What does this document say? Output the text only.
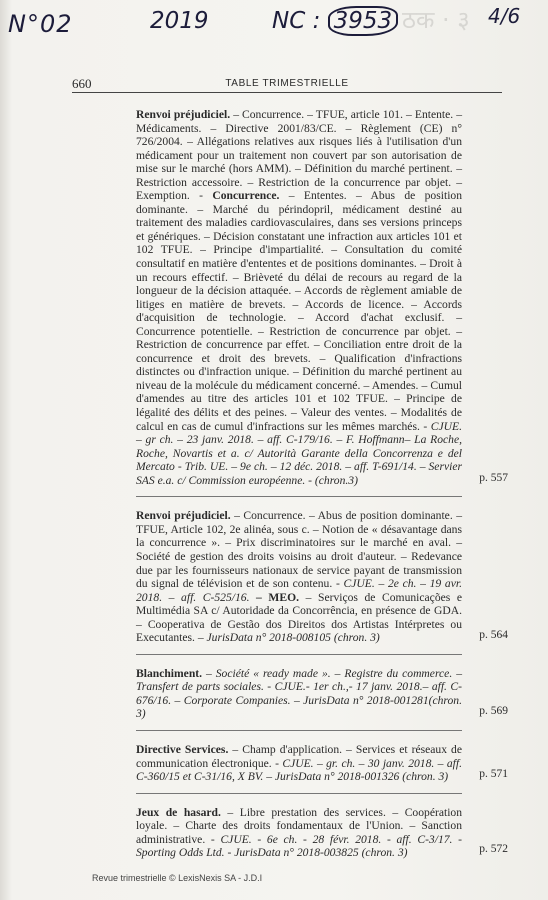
ठक · ३
N°02	2019	NC : 3953	4/6
660	TABLE TRIMESTRIELLE
Renvoi préjudiciel. – Concurrence. – TFUE, article 101. – Entente. – Médicaments. – Directive 2001/83/CE. – Règlement (CE) n° 726/2004. – Allégations relatives aux risques liés à l'utilisation d'un médicament pour un traitement non couvert par son autorisation de mise sur le marché (hors AMM). – Définition du marché pertinent. – Restriction accessoire. – Restriction de la concurrence par objet. – Exemption. - Concurrence. – Ententes. – Abus de position dominante. – Marché du périndopril, médicament destiné au traitement des maladies cardiovasculaires, dans ses versions princeps et génériques. – Décision constatant une infraction aux articles 101 et 102 TFUE. – Principe d'impartialité. – Consultation du comité consultatif en matière d'ententes et de positions dominantes. – Droit à un recours effectif. – Brièveté du délai de recours au regard de la longueur de la décision attaquée. – Accords de règlement amiable de litiges en matière de brevets. – Accords de licence. – Accords d'acquisition de technologie. – Accord d'achat exclusif. – Concurrence potentielle. – Restriction de concurrence par objet. – Restriction de concurrence par effet. – Conciliation entre droit de la concurrence et droit des brevets. – Qualification d'infractions distinctes ou d'infraction unique. – Définition du marché pertinent au niveau de la molécule du médicament concerné. – Amendes. – Cumul d'amendes au titre des articles 101 et 102 TFUE. – Principe de légalité des délits et des peines. – Valeur des ventes. – Modalités de calcul en cas de cumul d'infractions sur les mêmes marchés. - CJUE. – gr ch. – 23 janv. 2018. – aff. C-179/16. – F. Hoffmann– La Roche, Roche, Novartis et a. c/ Autorità Garante della Concorrenza e del Mercato - Trib. UE. – 9e ch. – 12 déc. 2018. – aff. T-691/14. – Servier SAS e.a. c/ Commission européenne. - (chron.3)	p. 557
Renvoi préjudiciel. – Concurrence. – Abus de position dominante. – TFUE, Article 102, 2e alinéa, sous c. – Notion de « désavantage dans la concurrence ». – Prix discriminatoires sur le marché en aval. – Société de gestion des droits voisins au droit d'auteur. – Redevance due par les fournisseurs nationaux de service payant de transmission du signal de télévision et de son contenu. - CJUE. – 2e ch. – 19 avr. 2018. – aff. C-525/16. – MEO. – Serviços de Comunicações e Multimédia SA c/ Autoridade da Concorrência, en présence de GDA. – Cooperativa de Gestão dos Direitos dos Artistas Intérpretes ou Executantes. – JurisData n° 2018-008105 (chron. 3)	p. 564
Blanchiment. – Société « ready made ». – Registre du commerce. – Transfert de parts sociales. - CJUE.- 1er ch.,- 17 janv. 2018.– aff. C-676/16. – Corporate Companies. – JurisData n° 2018-001281(chron. 3)	p. 569
Directive Services. – Champ d'application. – Services et réseaux de communication électronique. - CJUE. – gr. ch. – 30 janv. 2018. – aff. C-360/15 et C-31/16, X BV. – JurisData n° 2018-001326 (chron. 3)	p. 571
Jeux de hasard. – Libre prestation des services. – Coopération loyale. – Charte des droits fondamentaux de l'Union. – Sanction administrative. - CJUE. - 6e ch. - 28 févr. 2018. - aff. C-3/17. - Sporting Odds Ltd. - JurisData n° 2018-003825 (chron. 3)	p. 572
Revue trimestrielle © LexisNexis SA - J.D.I
